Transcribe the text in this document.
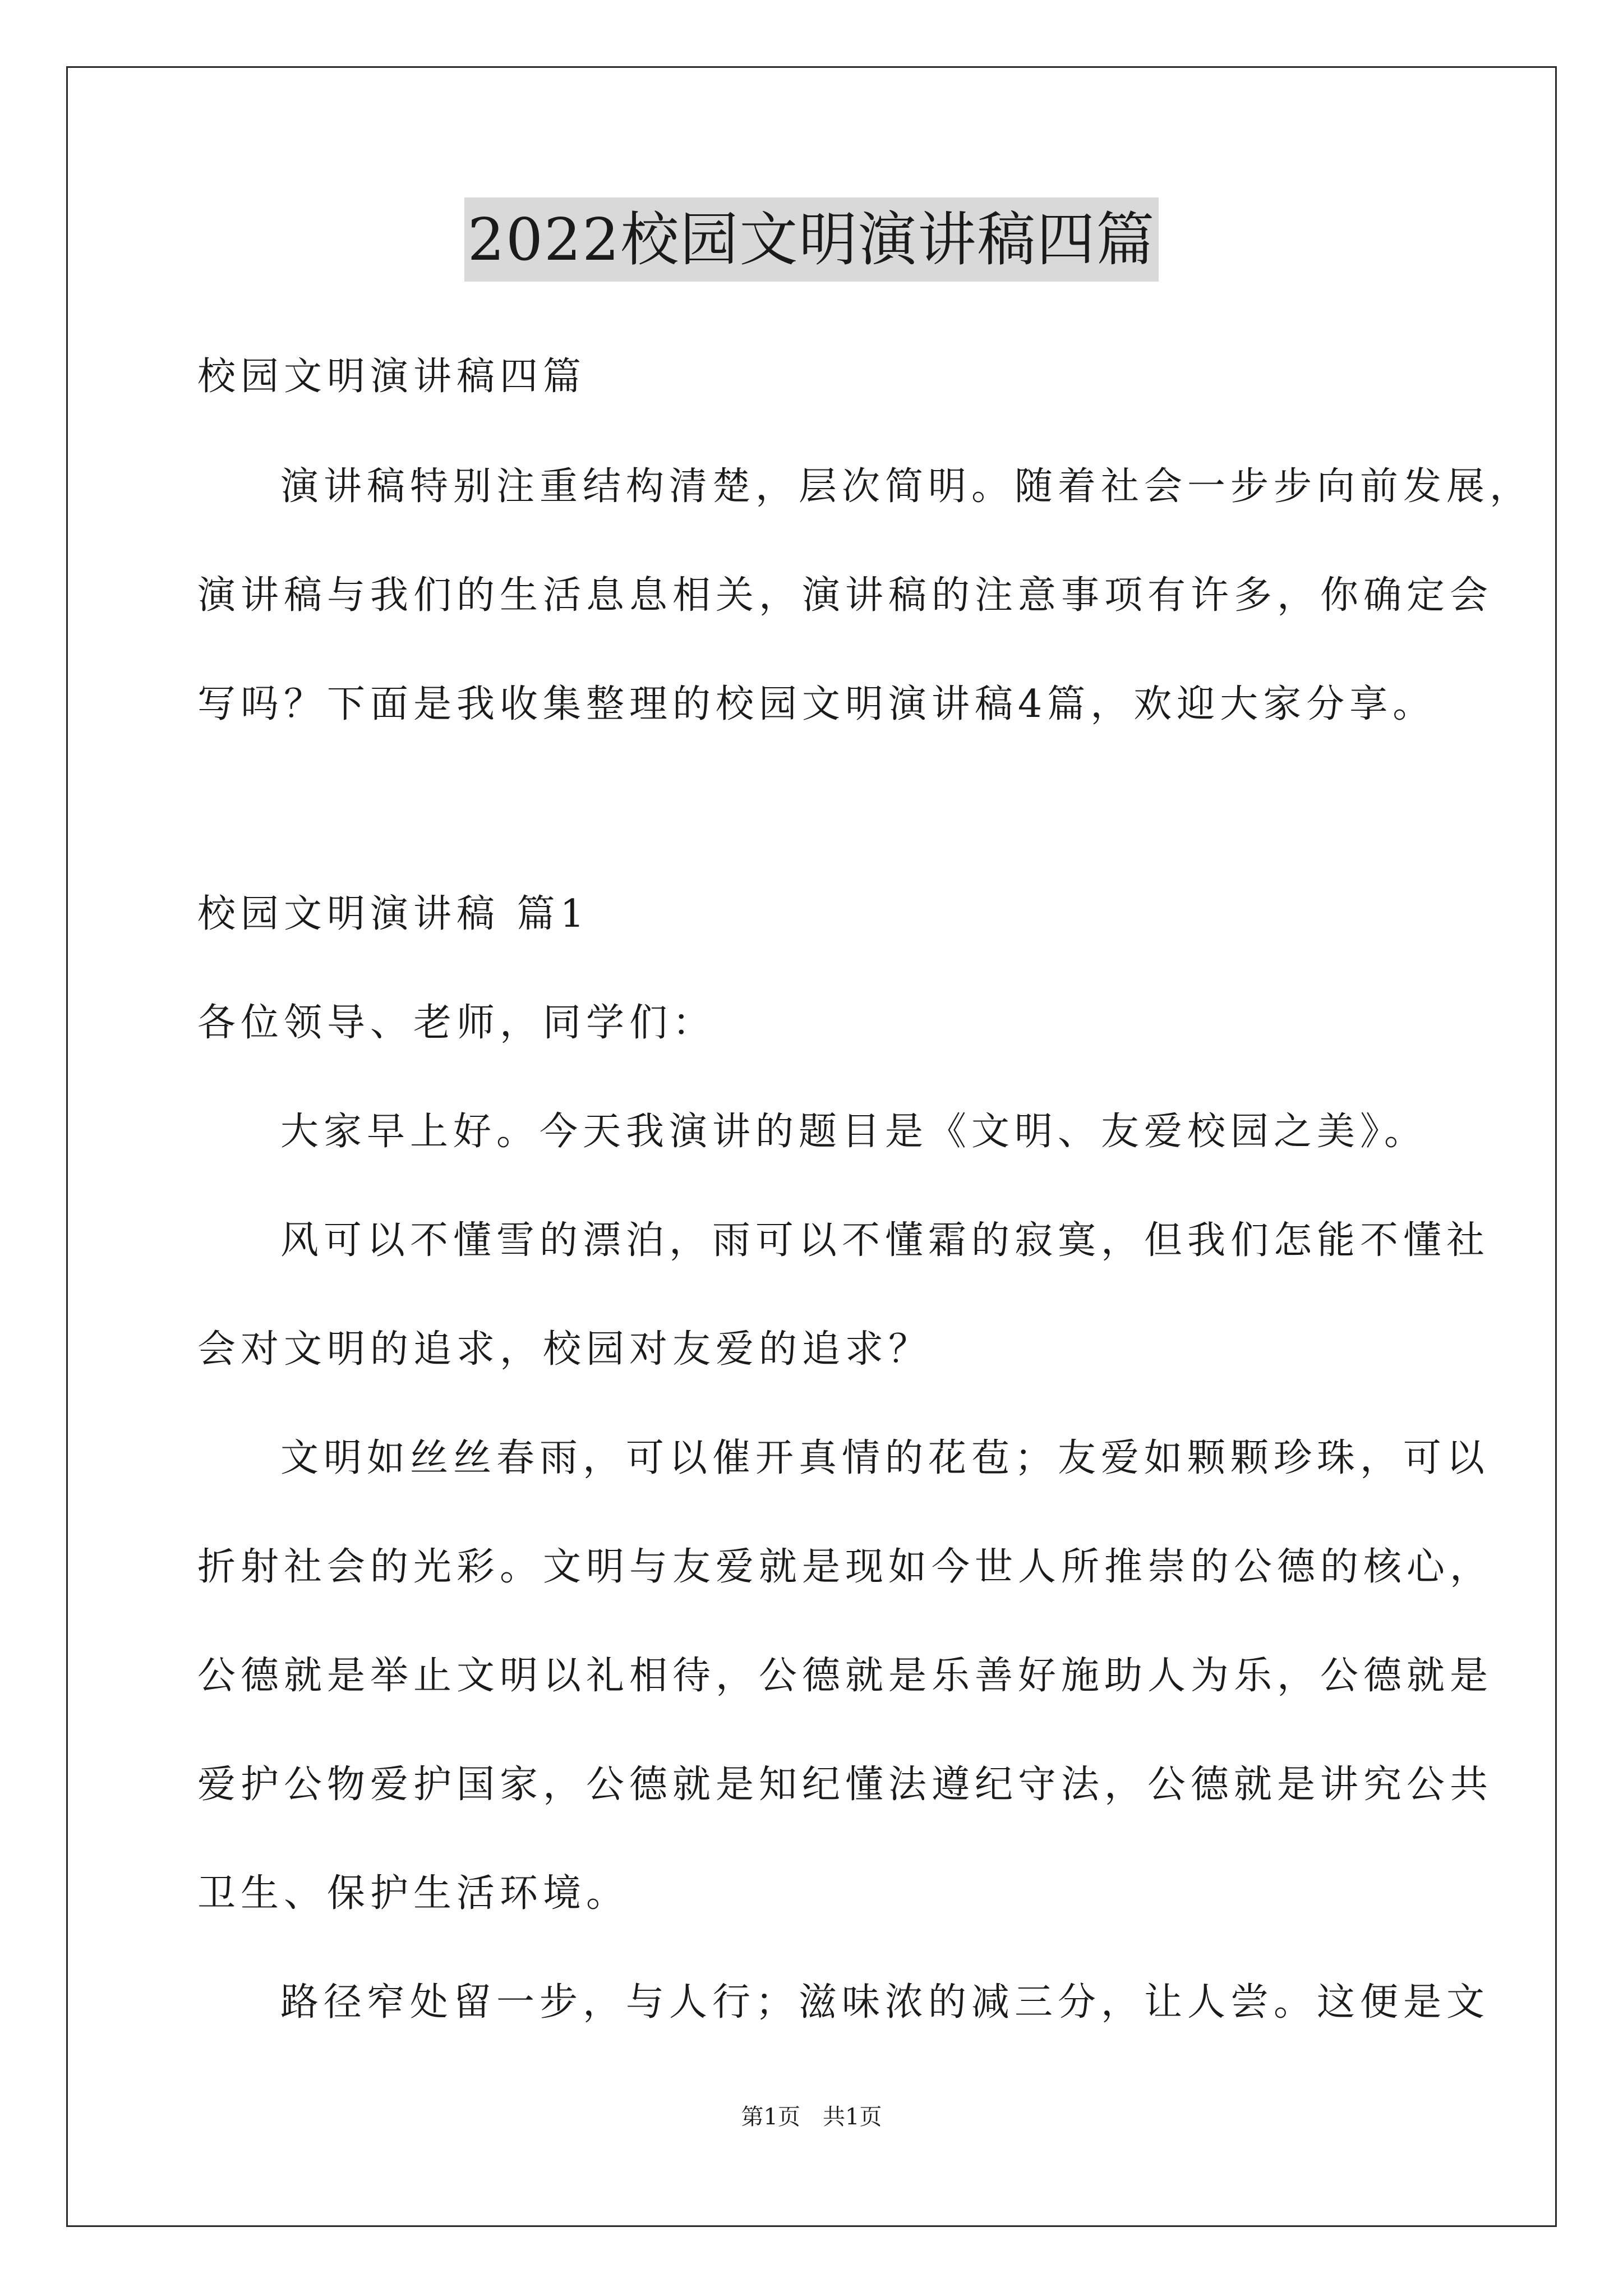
2022校园文明演讲稿四篇
校园文明演讲稿四篇
演讲稿特别注重结构清楚，层次简明。随着社会一步步向前发展，
演讲稿与我们的生活息息相关，演讲稿的注意事项有许多，你确定会
写吗？下面是我收集整理的校园文明演讲稿4篇，欢迎大家分享。
校园文明演讲稿 篇1
各位领导、老师，同学们：
大家早上好。今天我演讲的题目是《文明、友爱校园之美》。
风可以不懂雪的漂泊，雨可以不懂霜的寂寞，但我们怎能不懂社
会对文明的追求，校园对友爱的追求？
文明如丝丝春雨，可以催开真情的花苞；友爱如颗颗珍珠，可以
折射社会的光彩。文明与友爱就是现如今世人所推崇的公德的核心，
公德就是举止文明以礼相待，公德就是乐善好施助人为乐，公德就是
爱护公物爱护国家，公德就是知纪懂法遵纪守法，公德就是讲究公共
卫生、保护生活环境。
路径窄处留一步，与人行；滋味浓的减三分，让人尝。这便是文
第1页 共1页
